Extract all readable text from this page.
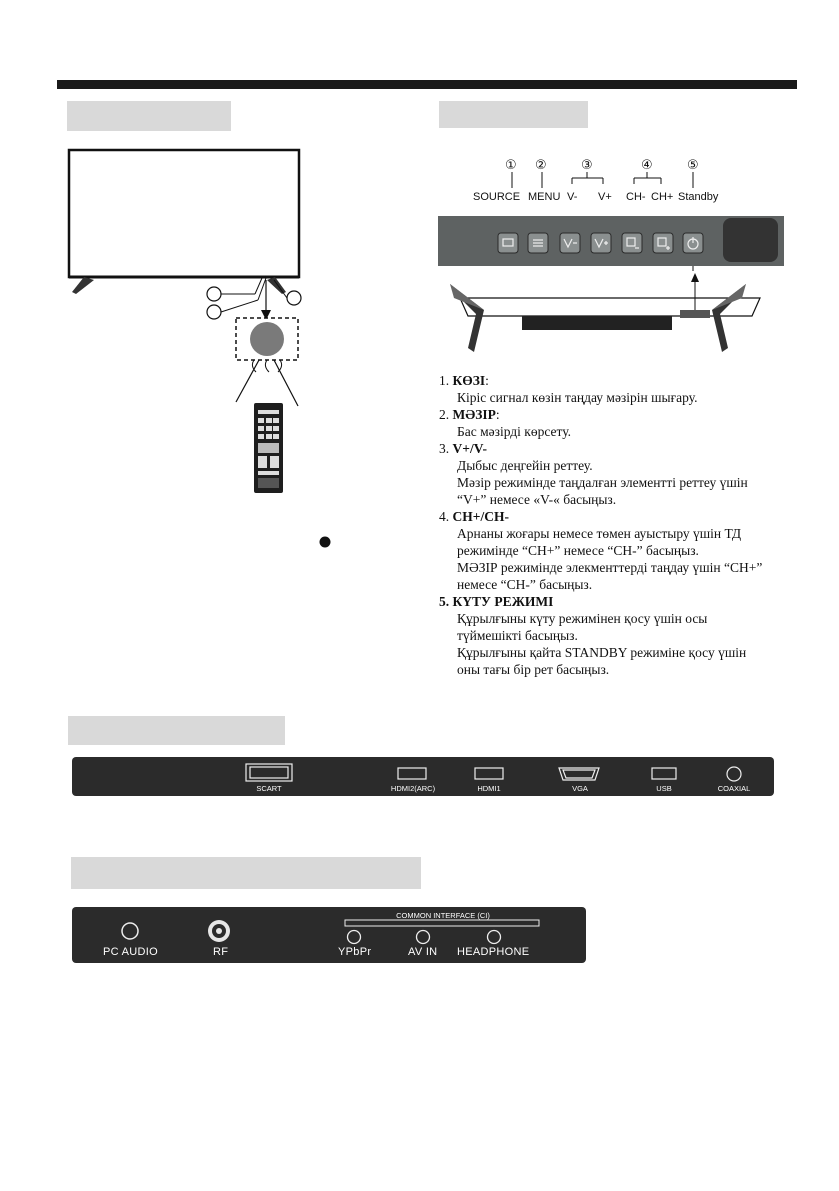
① ②	③	④	⑤
SOURCE MENU V- V+ CH- CH+ Standby
1. КӨЗІ:
Кіріс сигнал көзін таңдау мәзірін шығару.
2. МӘЗІР:
Бас мәзірді көрсету.
3. V+/V-
Дыбыс деңгейін реттеу.
Мәзір режимінде таңдалған элементті реттеу үшін
“V+” немесе «V-« басыңыз.
4. CH+/CH-
Арнаны жоғары немесе төмен ауыстыру үшін ТД
режимінде “CH+” немесе “CH-” басыңыз.
МӘЗІР режимінде элекменттерді таңдау үшін “CH+”
немесе “CH-” басыңыз.
5. КҮТУ РЕЖИМІ
Құрылғыны күту режимінен қосу үшін осы
түймешікті басыңыз.
Құрылғыны қайта STANDBY режиміне қосу үшін
оны тағы бір рет басыңыз.
SCART	HDMI2(ARC)	HDMI1	VGA	USB	COAXIAL
COMMON INTERFACE (CI)
PC AUDIO	RF	YPbPr	AV IN HEADPHONE
